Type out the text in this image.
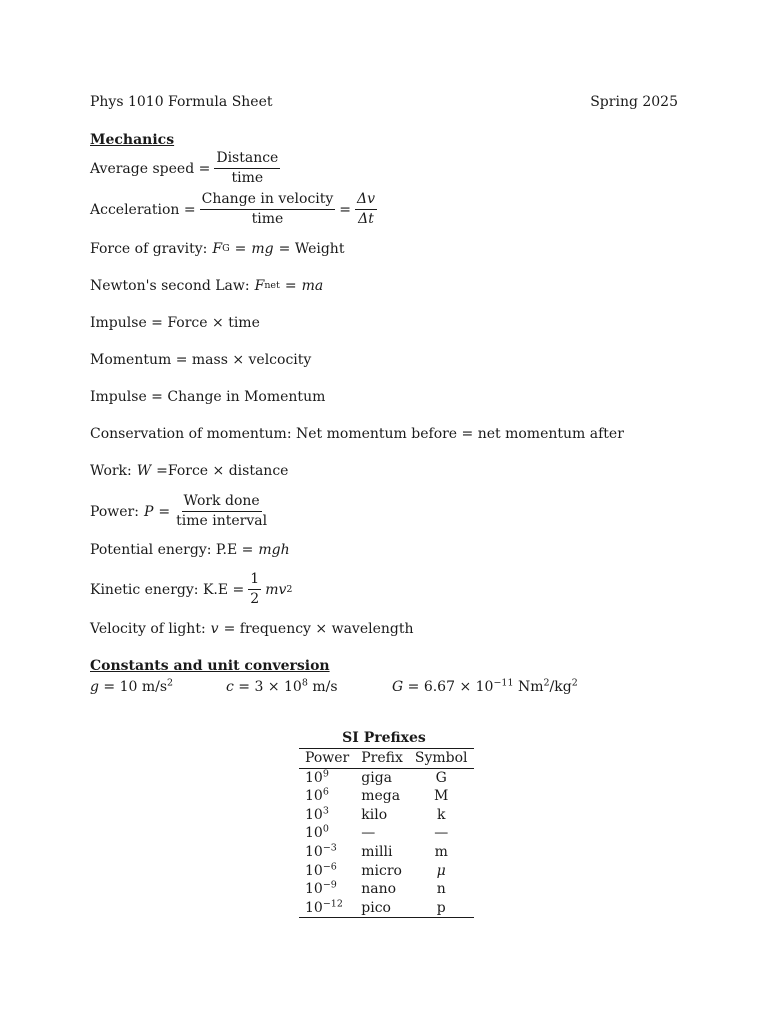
Phys 1010 Formula Sheet	Spring 2025
Mechanics
Average speed = $\frac{\text{Distance}}{\text{time}}$
Acceleration = $\frac{\text{Change in velocity}}{\text{time}} = \frac{\Delta v}{\Delta t}$
Force of gravity: F G = mg = Weight
Newton's second Law: F net = ma
Impulse = Force × time
Momentum = mass × velcocity
Impulse = Change in Momentum
Conservation of momentum: Net momentum before = net momentum after
Work: W =Force × distance
Power: $P = \frac{\text{Work done}}{\text{time interval}}$
Potential energy: P.E = mgh
Kinetic energy: $K.E = \frac{1}{2}$ mv 2
Velocity of light: v = frequency × wavelength
Constants and unit conversion
g = 10 $m/s^2$	$c = 3 \times 10^8$ m/s	$G = 6.67 \times 10^{-11}$ $Nm^2/kg^2$
SI Prefixes
Power	Prefix	Symbol
$10^9$	giga	G
$10^6$	mega	M
$10^3$	kilo	k
$10^0$	—	—
$10^{-3}$	milli	m
$10^{-6}$	micro	μ
$10^{-9}$	nano	n
$10^{-12}$	pico	p
